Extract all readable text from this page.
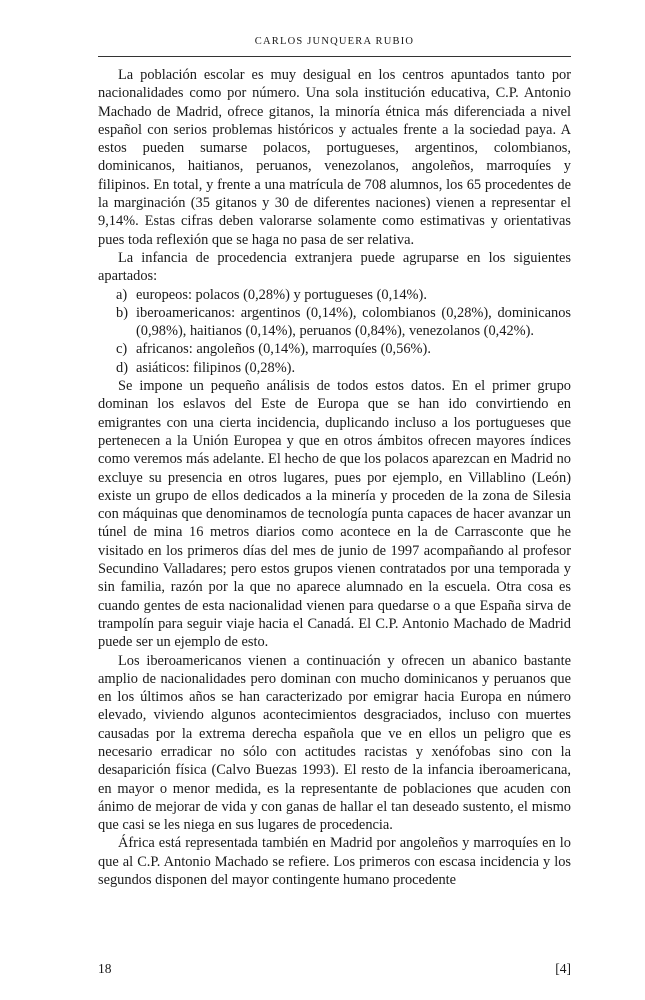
CARLOS JUNQUERA RUBIO

La población escolar es muy desigual en los centros apuntados tanto por nacionalidades como por número. Una sola institución educativa, C.P. Antonio Machado de Madrid, ofrece gitanos, la minoría étnica más diferenciada a nivel español con serios problemas históricos y actuales frente a la sociedad paya. A estos pueden sumarse polacos, portugueses, argentinos, colombianos, dominicanos, haitianos, peruanos, venezolanos, angoleños, marroquíes y filipinos. En total, y frente a una matrícula de 708 alumnos, los 65 procedentes de la marginación (35 gitanos y 30 de diferentes naciones) vienen a representar el 9,14%. Estas cifras deben valorarse solamente como estimativas y orientativas pues toda reflexión que se haga no pasa de ser relativa.

La infancia de procedencia extranjera puede agruparse en los siguientes apartados:

a) europeos: polacos (0,28%) y portugueses (0,14%).
b) iberoamericanos: argentinos (0,14%), colombianos (0,28%), dominicanos (0,98%), haitianos (0,14%), peruanos (0,84%), venezolanos (0,42%).
c) africanos: angoleños (0,14%), marroquíes (0,56%).
d) asiáticos: filipinos (0,28%).

Se impone un pequeño análisis de todos estos datos. En el primer grupo dominan los eslavos del Este de Europa que se han ido convirtiendo en emigrantes con una cierta incidencia, duplicando incluso a los portugueses que pertenecen a la Unión Europea y que en otros ámbitos ofrecen mayores índices como veremos más adelante. El hecho de que los polacos aparezcan en Madrid no excluye su presencia en otros lugares, pues por ejemplo, en Villablino (León) existe un grupo de ellos dedicados a la minería y proceden de la zona de Silesia con máquinas que denominamos de tecnología punta capaces de hacer avanzar un túnel de mina 16 metros diarios como acontece en la de Carrasconte que he visitado en los primeros días del mes de junio de 1997 acompañando al profesor Secundino Valladares; pero estos grupos vienen contratados por una temporada y sin familia, razón por la que no aparece alumnado en la escuela. Otra cosa es cuando gentes de esta nacionalidad vienen para quedarse o a que España sirva de trampolín para seguir viaje hacia el Canadá. El C.P. Antonio Machado de Madrid puede ser un ejemplo de esto.

Los iberoamericanos vienen a continuación y ofrecen un abanico bastante amplio de nacionalidades pero dominan con mucho dominicanos y peruanos que en los últimos años se han caracterizado por emigrar hacia Europa en número elevado, viviendo algunos acontecimientos desgraciados, incluso con muertes causadas por la extrema derecha española que ve en ellos un peligro que es necesario erradicar no sólo con actitudes racistas y xenófobas sino con la desaparición física (Calvo Buezas 1993). El resto de la infancia iberoamericana, en mayor o menor medida, es la representante de poblaciones que acuden con ánimo de mejorar de vida y con ganas de hallar el tan deseado sustento, el mismo que casi se les niega en sus lugares de procedencia.

África está representada también en Madrid por angoleños y marroquíes en lo que al C.P. Antonio Machado se refiere. Los primeros con escasa incidencia y los segundos disponen del mayor contingente humano procedente

18	[4]
